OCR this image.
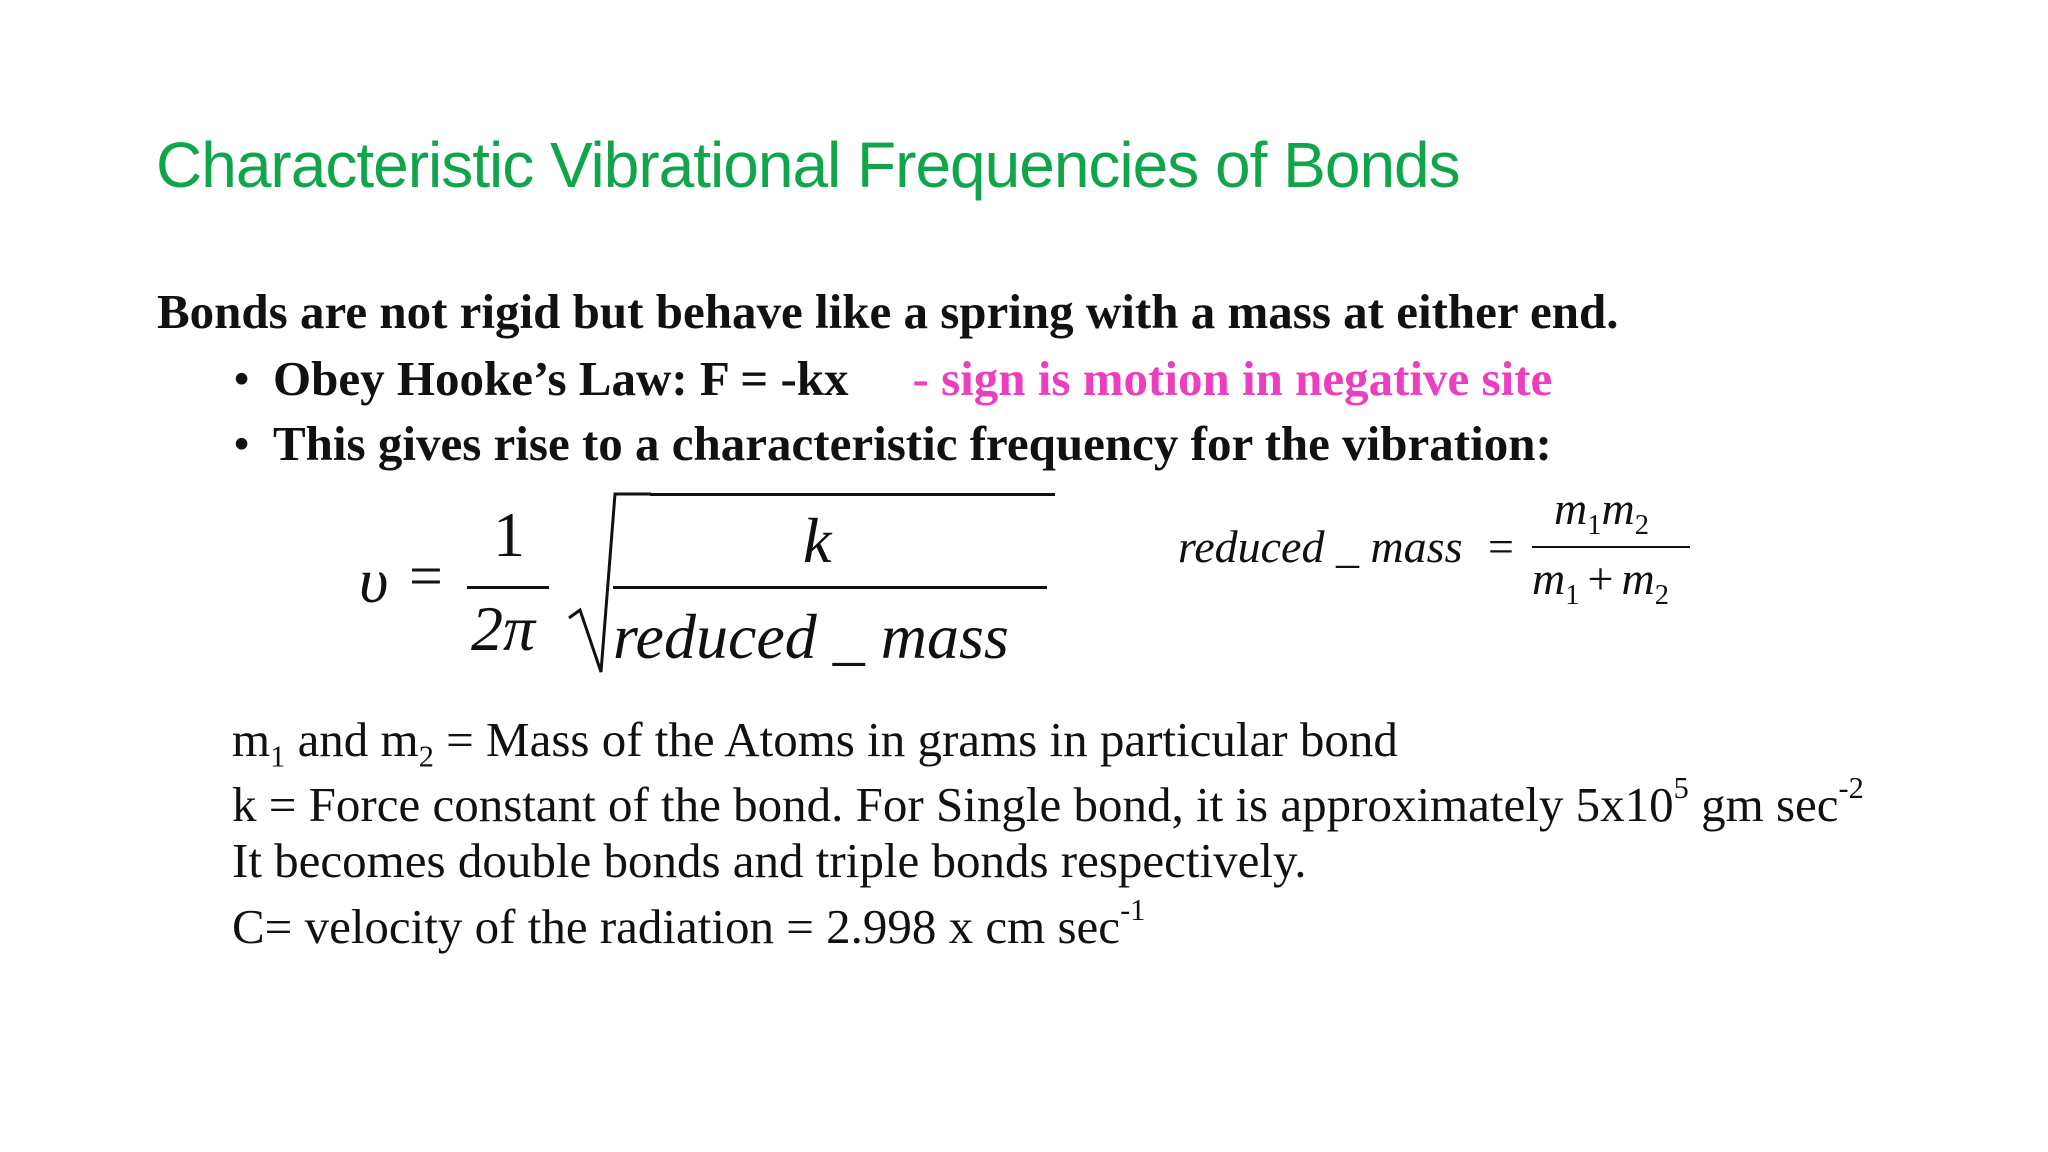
Characteristic Vibrational Frequencies of Bonds
Bonds are not rigid but behave like a spring with a mass at either end.
• Obey Hooke’s Law: F = -kx - sign is motion in negative site
• This gives rise to a characteristic frequency for the vibration:
υ =
1
2π
k
reduced _ mass
reduced _ mass =
$m_1m_2$
$m_1 + m_2$
$m_1$ and $m_2$ = Mass of the Atoms in grams in particular bond
k = Force constant of the bond. For Single bond, it is approximately $5x10^5$ gm $\sec^{-2}$
It becomes double bonds and triple bonds respectively.
C= velocity of the radiation = 2.998 x cm $\sec^{-1}$
